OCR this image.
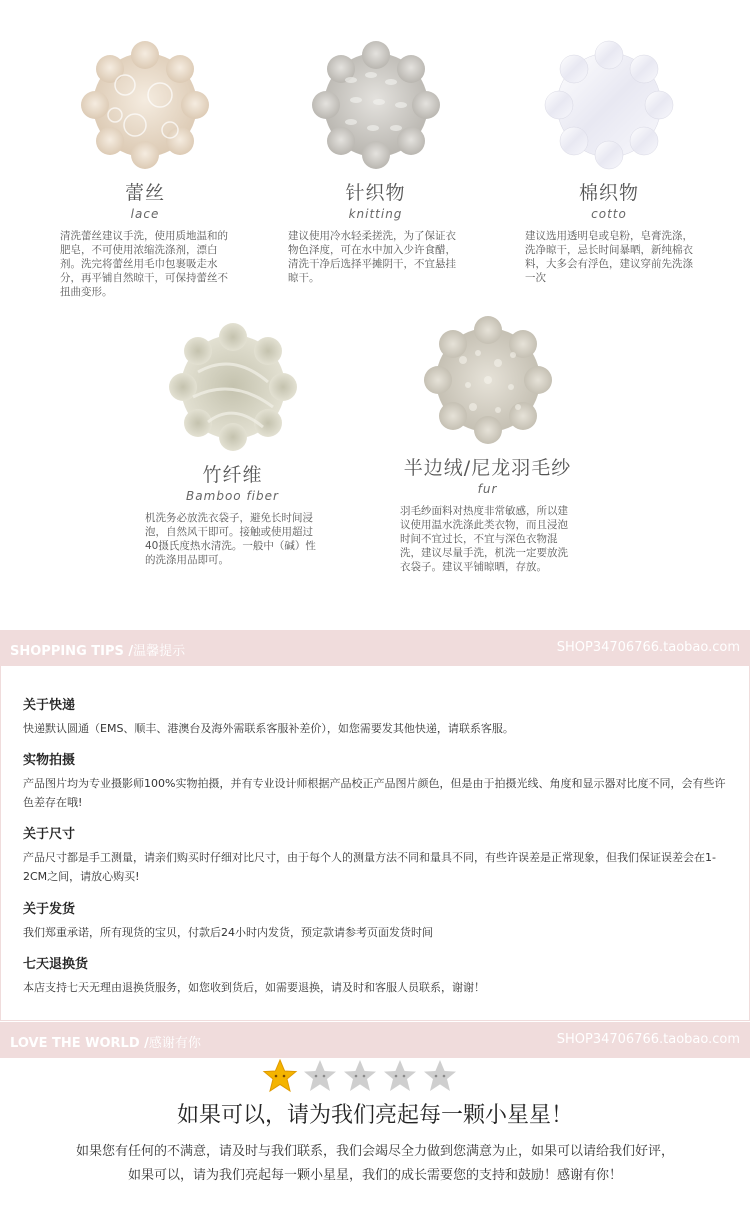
蕾丝
lace
清洗蕾丝建议手洗，使用质地温和的肥皂，不可使用浓缩洗涤剂，漂白剂。洗完将蕾丝用毛巾包裹吸走水分，再平铺自然晾干，可保持蕾丝不扭曲变形。
针织物
knitting
建议使用冷水轻柔搓洗，为了保证衣物色泽度，可在水中加入少许食醋，清洗干净后选择平摊阴干，不宜悬挂晾干。
棉织物
cotto
建议选用透明皂或皂粉，皂膏洗涤，洗净晾干，忌长时间暴晒，新纯棉衣料，大多会有浮色，建议穿前先洗涤一次
竹纤维
Bamboo fiber
机洗务必放洗衣袋子，避免长时间浸泡，自然风干即可。接触或使用超过40摄氏度热水清洗。一般中（碱）性的洗涤用品即可。
半边绒/尼龙羽毛纱
fur
羽毛纱面料对热度非常敏感，所以建议使用温水洗涤此类衣物，而且浸泡时间不宜过长，不宜与深色衣物混洗，建议尽量手洗，机洗一定要放洗衣袋子。建议平铺晾晒，存放。
SHOPPING TIPS /温馨提示	SHOP34706766.taobao.com
关于快递

快递默认圆通（EMS、顺丰、港澳台及海外需联系客服补差价），如您需要发其他快递，请联系客服。

实物拍摄

产品图片均为专业摄影师100%实物拍摄，并有专业设计师根据产品校正产品图片颜色，但是由于拍摄光线、角度和显示器对比度不同，会有些许色差存在哦!

关于尺寸

产品尺寸都是手工测量，请亲们购买时仔细对比尺寸，由于每个人的测量方法不同和量具不同，有些许误差是正常现象，但我们保证误差会在1-2CM之间，请放心购买!

关于发货

我们郑重承诺，所有现货的宝贝，付款后24小时内发货，预定款请参考页面发货时间

七天退换货

本店支持七天无理由退换货服务，如您收到货后，如需要退换，请及时和客服人员联系，谢谢！

LOVE THE WORLD /感谢有你	SHOP34706766.taobao.com
如果可以，请为我们亮起每一颗小星星！
如果您有任何的不满意，请及时与我们联系，我们会竭尽全力做到您满意为止，如果可以请给我们好评，
如果可以，请为我们亮起每一颗小星星，我们的成长需要您的支持和鼓励！感谢有你！
